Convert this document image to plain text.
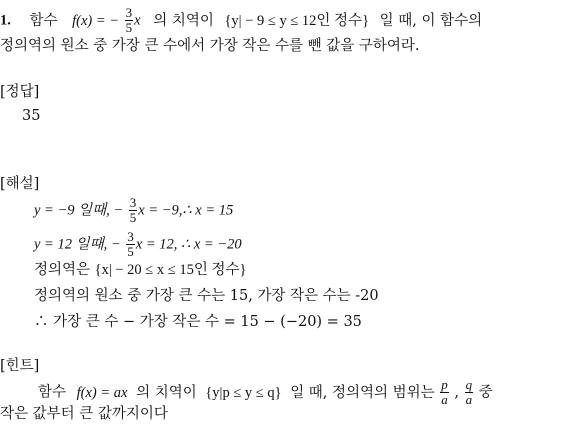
1. 함수 f(x) = − $\frac{3}{5}$ x 의 치역이 {y| − 9 ≤ y ≤ 12인 정수} 일 때, 이 함수의
정의역의 원소 중 가장 큰 수에서 가장 작은 수를 뺀 값을 구하여라.
[정답]
35
[해설]
y = −9 일때, − $\frac{3}{5}$ x = −9,∴ x = 15
y = 12 일때, − $\frac{3}{5}$ x = 12, ∴ x = −20
정의역은 {x| − 20 ≤ x ≤ 15인 정수}
정의역의 원소 중 가장 큰 수는 15, 가장 작은 수는 -20
∴ 가장 큰 수 − 가장 작은 수 = 15 − (−20) = 35
[힌트]
함수 f(x) = ax 의 치역이 {y|p ≤ y ≤ q} 일 때, 정의역의 범위는 $\frac{p}{a}$ , $\frac{q}{a}$ 중
작은 값부터 큰 값까지이다
